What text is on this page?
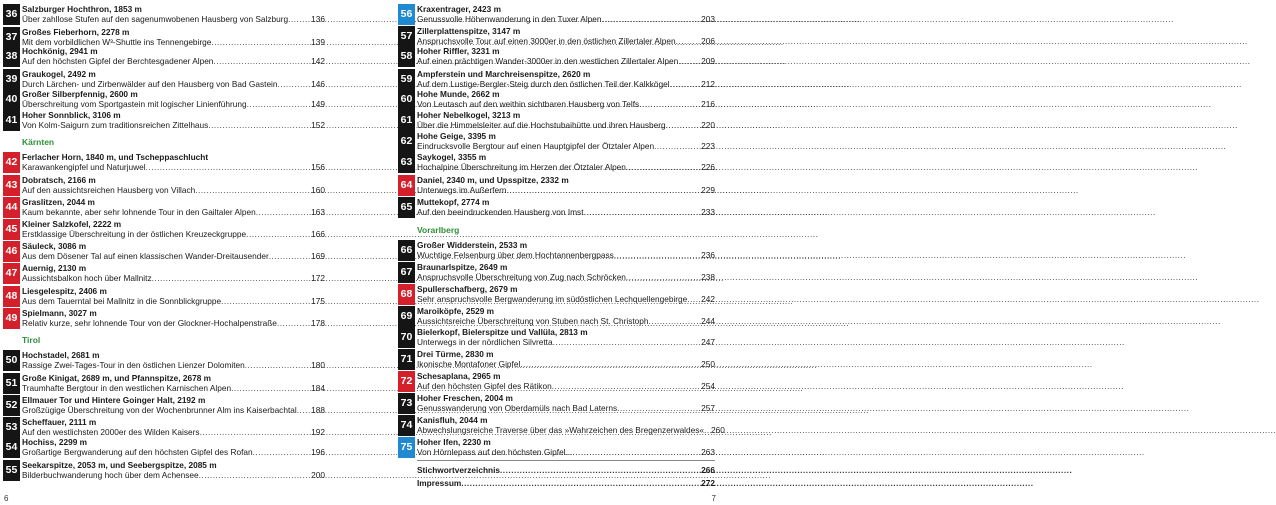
36 Salzburger Hochthron, 1853 m
Über zahllose Stufen auf den sagenumwobenen Hausberg von Salzburg .....	136
37 Großes Fieberhorn, 2278 m
Mit dem vorbildlichen W³-Shuttle ins Tennengebirge .....	139
38 Hochkönig, 2941 m
Auf den höchsten Gipfel der Berchtesgadener Alpen .....	142
39 Graukogel, 2492 m
Durch Lärchen- und Zirbenwälder auf den Hausberg von Bad Gastein .....	146
40 Großer Silberpfennig, 2600 m
Überschreitung vom Sportgastein mit logischer Linienführung .....	149
41 Hoher Sonnblick, 3106 m
Von Kolm-Saigurn zum traditionsreichen Zittelhaus .....	152
Kärnten
42 Ferlacher Horn, 1840 m, und Tscheppaschlucht
Karawankengipfel und Naturjuwel .....	156
43 Dobratsch, 2166 m
Auf den aussichtsreichen Hausberg von Villach .....	160
44 Graslitzen, 2044 m
Kaum bekannte, aber sehr lohnende Tour in den Gailtaler Alpen .....	163
45 Kleiner Salzkofel, 2222 m
Erstklassige Überschreitung in der östlichen Kreuzeckgruppe .....	166
46 Säuleck, 3086 m
Aus dem Dösener Tal auf einen klassischen Wander-Dreitausender .....	169
47 Auernig, 2130 m
Aussichtsbalkon hoch über Mallnitz .....	172
48 Liesgelespitz, 2406 m
Aus dem Tauerntal bei Mallnitz in die Sonnblickgruppe .....	175
49 Spielmann, 3027 m
Relativ kurze, sehr lohnende Tour von der Glockner-Hochalpenstraße .....	178
Tirol
50 Hochstadel, 2681 m
Rassige Zwei-Tages-Tour in den östlichen Lienzer Dolomiten .....	180
51 Große Kinigat, 2689 m, und Pfannspitze, 2678 m
Traumhafte Bergtour in den westlichen Karnischen Alpen .....	184
52 Ellmauer Tor und Hintere Goinger Halt, 2192 m
Großzügige Überschreitung von der Wochenbrunner Alm ins Kaiserbachtal ..... 188
53 Scheffauer, 2111 m
Auf den westlichsten 2000er des Wilden Kaisers .....	192
54 Hochiss, 2299 m
Großartige Bergwanderung auf den höchsten Gipfel des Rofan .....	196
55 Seekarspitze, 2053 m, und Seebergspitze, 2085 m
Bilderbuchwanderung hoch über dem Achensee .....	200
56 Kraxentrager, 2423 m
Genussvolle Höhenwanderung in den Tuxer Alpen .....	203
57 Zillerplattenspitze, 3147 m
Anspruchsvolle Tour auf einen 3000er in den östlichen Zillertaler Alpen .....	206
58 Hoher Riffler, 3231 m
Auf einen prächtigen Wander-3000er in den westlichen Zillertaler Alpen .....	209
59 Ampferstein und Marchreisenspitze, 2620 m
Auf dem Lustige-Bergler-Steig durch den östlichen Teil der Kalkkögel .....	212
60 Hohe Munde, 2662 m
Von Leutasch auf den weithin sichtbaren Hausberg von Telfs .....	216
61 Hoher Nebelkogel, 3213 m
Über die Himmelsleiter auf die Hochstubaihütte und ihren Hausberg .....	220
62 Hohe Geige, 3395 m
Eindrucksvolle Bergtour auf einen Hauptgipfel der Ötztaler Alpen .....	223
63 Saykogel, 3355 m
Hochalpine Überschreitung im Herzen der Ötztaler Alpen .....	226
64 Daniel, 2340 m, und Upsspitze, 2332 m
Unterwegs im Außerfern .....	229
65 Muttekopf, 2774 m
Auf den beeindruckenden Hausberg von Imst .....	233
Vorarlberg
66 Großer Widderstein, 2533 m
Wuchtige Felsenburg über dem Hochtannenbergpass .....	236
67 Braunarlspitze, 2649 m
Anspruchsvolle Überschreitung von Zug nach Schröcken .....	238
68 Spullerschafberg, 2679 m
Sehr anspruchsvolle Bergwanderung im südöstlichen Lechquellengebirge ..... 242
69 Maroiköpfe, 2529 m
Aussichtsreiche Überschreitung von Stuben nach St. Christoph .....	244
70 Bielerkopf, Bielerspitze und Vallüla, 2813 m
Unterwegs in der nördlichen Silvretta .....	247
71 Drei Türme, 2830 m
Ikonische Montafoner Gipfel .....	250
72 Schesaplana, 2965 m
Auf den höchsten Gipfel des Rätikon .....	254
73 Hoher Freschen, 2004 m
Genusswanderung von Oberdamüls nach Bad Laterns .....	257
74 Kanisfluh, 2044 m
Abwechslungsreiche Traverse über das »Wahrzeichen des Bregenzerwaldes« ..... 260
75 Hoher Ifen, 2230 m
Von Hörnlepass auf den höchsten Gipfel... .....	263
Stichwortverzeichnis .....	266
Impressum .....	272
6	7
